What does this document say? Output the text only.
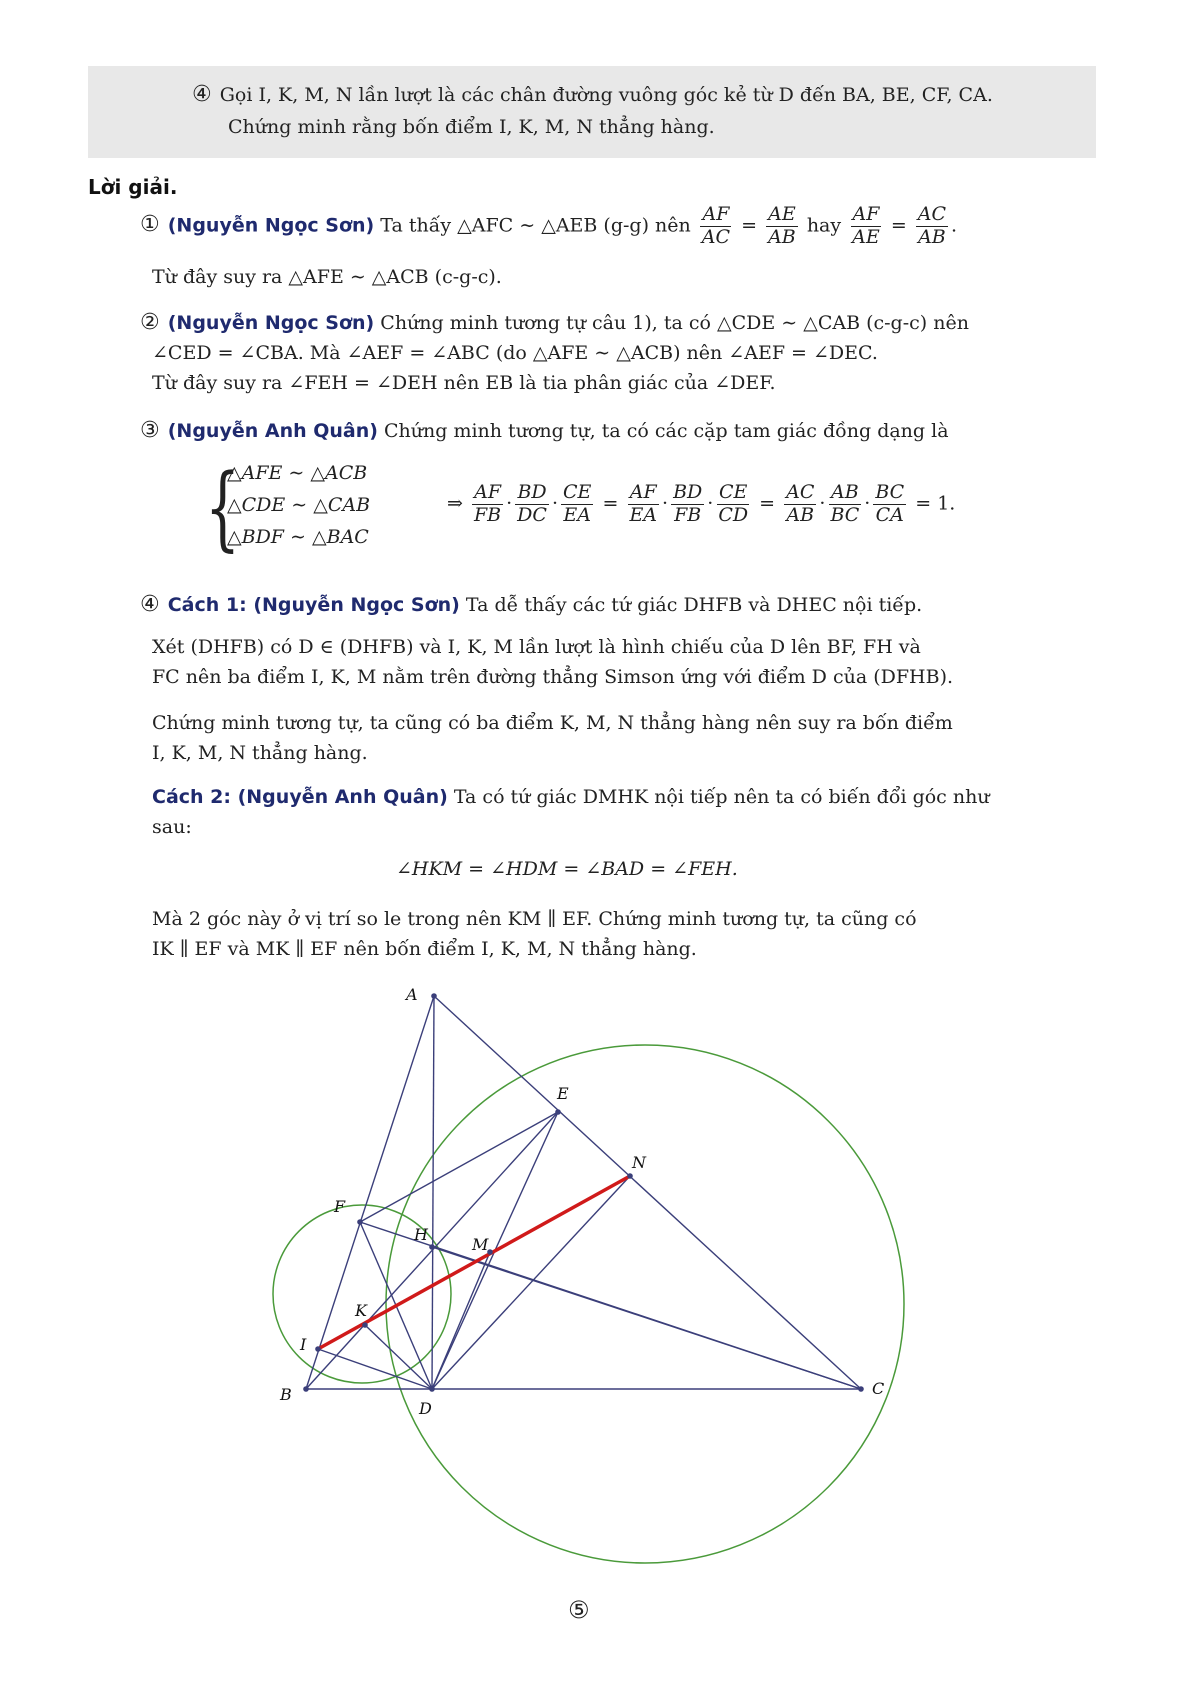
④ Gọi I, K, M, N lần lượt là các chân đường vuông góc kẻ từ D đến BA, BE, CF, CA.
Chứng minh rằng bốn điểm I, K, M, N thẳng hàng.
Lời giải.
① (Nguyễn Ngọc Sơn) Ta thấy △AFC ∼ △AEB (g-g) nên $\frac{AF}{AC} = \frac{AE}{AB}$ hay $\frac{AF}{AE} = \frac{AC}{AB}$ .
Từ đây suy ra △AFE ∼ △ACB (c-g-c).
② (Nguyễn Ngọc Sơn) Chứng minh tương tự câu 1), ta có △CDE ∼ △CAB (c-g-c) nên
∠CED = ∠CBA. Mà ∠AEF = ∠ABC (do △AFE ∼ △ACB) nên ∠AEF = ∠DEC.
Từ đây suy ra ∠FEH = ∠DEH nên EB là tia phân giác của ∠DEF.
③ (Nguyễn Anh Quân) Chứng minh tương tự, ta có các cặp tam giác đồng dạng là
{
△AFE ∼ △ACB
△CDE ∼ △CAB
△BDF ∼ △BAC
⇒ $\frac{AF}{FB} \cdot \frac{BD}{DC} \cdot \frac{CE}{EA} = \frac{AF}{EA} \cdot \frac{BD}{FB} \cdot \frac{CE}{CD} = \frac{AC}{AB} \cdot \frac{AB}{BC} \cdot \frac{BC}{CA} = 1$.
④ Cách 1: (Nguyễn Ngọc Sơn) Ta dễ thấy các tứ giác DHFB và DHEC nội tiếp.
Xét (DHFB) có D ∈ (DHFB) và I, K, M lần lượt là hình chiếu của D lên BF, FH và
FC nên ba điểm I, K, M nằm trên đường thẳng Simson ứng với điểm D của (DFHB).
Chứng minh tương tự, ta cũng có ba điểm K, M, N thẳng hàng nên suy ra bốn điểm
I, K, M, N thẳng hàng.
Cách 2: (Nguyễn Anh Quân) Ta có tứ giác DMHK nội tiếp nên ta có biến đổi góc như
sau:
∠HKM = ∠HDM = ∠BAD = ∠FEH.
Mà 2 góc này ở vị trí so le trong nên KM ∥ EF. Chứng minh tương tự, ta cũng có
IK ∥ EF và MK ∥ EF nên bốn điểm I, K, M, N thẳng hàng.
A
B	C
D
E
F
H
I
K
M
N
⑤
